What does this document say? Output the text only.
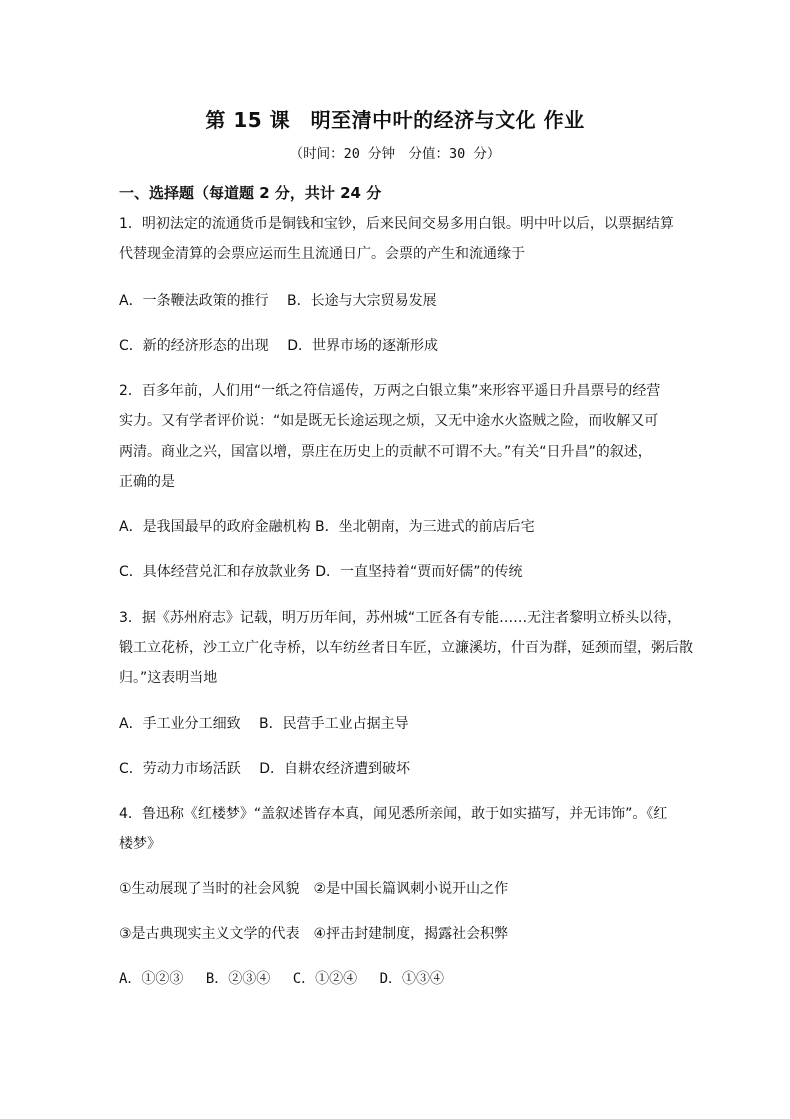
第 15 课　明至清中叶的经济与文化 作业
（时间：20 分钟　分值：30 分）
一、选择题（每道题 2 分，共计 24 分
1．明初法定的流通货币是铜钱和宝钞，后来民间交易多用白银。明中叶以后，以票据结算
代替现金清算的会票应运而生且流通日广。会票的产生和流通缘于
A．一条鞭法政策的推行　 B．长途与大宗贸易发展
C．新的经济形态的出现　 D．世界市场的逐渐形成
2．百多年前，人们用“一纸之符信遥传，万两之白银立集”来形容平遥日升昌票号的经营
实力。又有学者评价说：“如是既无长途运现之烦，又无中途水火盗贼之险，而收解又可
两清。商业之兴，国富以增，票庄在历史上的贡献不可谓不大。”有关“日升昌”的叙述，
正确的是
A．是我国最早的政府金融机构 B．坐北朝南，为三进式的前店后宅
C．具体经营兑汇和存放款业务 D．一直坚持着“贾而好儒”的传统
3．据《苏州府志》记载，明万历年间，苏州城“工匠各有专能……无注者黎明立桥头以待，
锻工立花桥，沙工立广化寺桥，以车纺丝者日车匠，立濂溪坊，什百为群，延颈而望，粥后散
归。”这表明当地
A．手工业分工细致　 B．民营手工业占据主导
C．劳动力市场活跃　 D．自耕农经济遭到破坏
4．鲁迅称《红楼梦》“盖叙述皆存本真，闻见悉所亲闻，敢于如实描写，并无讳饰”。《红
楼梦》
①生动展现了当时的社会风貌　②是中国长篇讽刺小说开山之作
③是古典现实主义文学的代表　④抨击封建制度，揭露社会积弊
A．①②③　 B．②③④　 C．①②④　 D．①③④
